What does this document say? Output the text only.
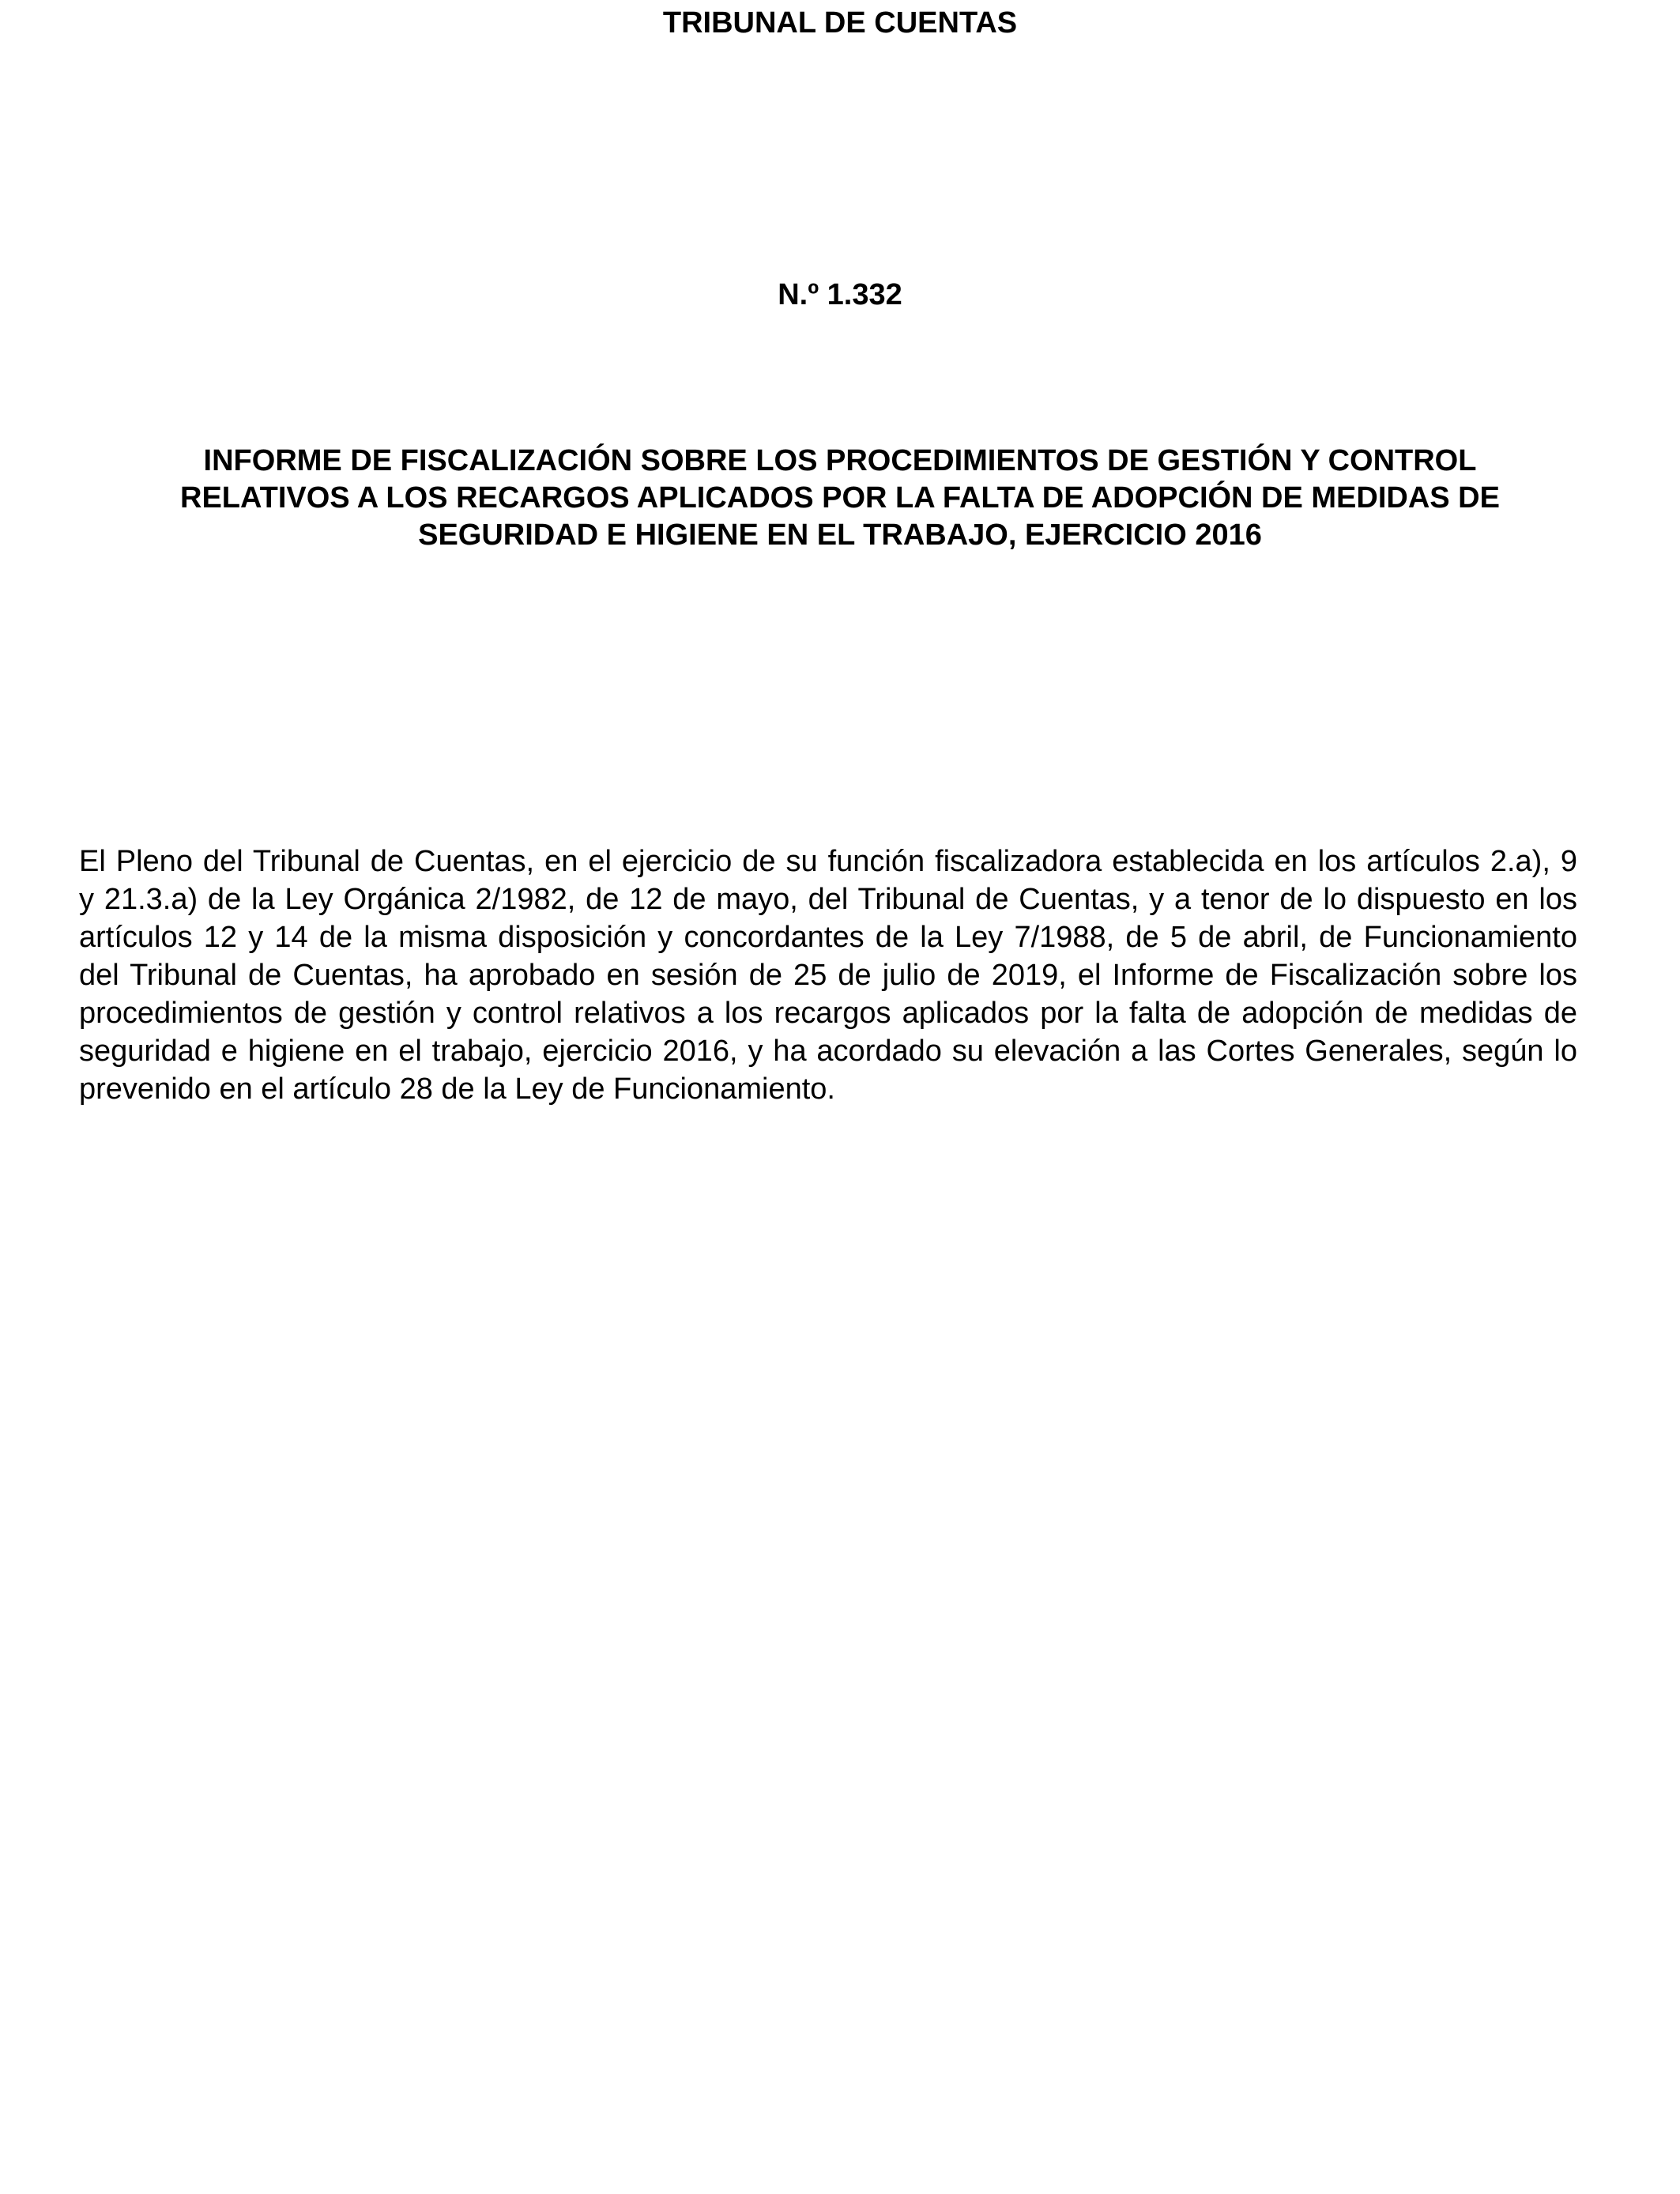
TRIBUNAL DE CUENTAS
N.º 1.332
INFORME DE FISCALIZACIÓN SOBRE LOS PROCEDIMIENTOS DE GESTIÓN Y CONTROL
RELATIVOS A LOS RECARGOS APLICADOS POR LA FALTA DE ADOPCIÓN DE MEDIDAS DE
SEGURIDAD E HIGIENE EN EL TRABAJO, EJERCICIO 2016
El Pleno del Tribunal de Cuentas, en el ejercicio de su función fiscalizadora establecida en los artículos 2.a), 9
y 21.3.a) de la Ley Orgánica 2/1982, de 12 de mayo, del Tribunal de Cuentas, y a tenor de lo dispuesto en los
artículos 12 y 14 de la misma disposición y concordantes de la Ley 7/1988, de 5 de abril, de Funcionamiento
del Tribunal de Cuentas, ha aprobado en sesión de 25 de julio de 2019, el Informe de Fiscalización sobre los
procedimientos de gestión y control relativos a los recargos aplicados por la falta de adopción de medidas de
seguridad e higiene en el trabajo, ejercicio 2016, y ha acordado su elevación a las Cortes Generales, según lo
prevenido en el artículo 28 de la Ley de Funcionamiento.
